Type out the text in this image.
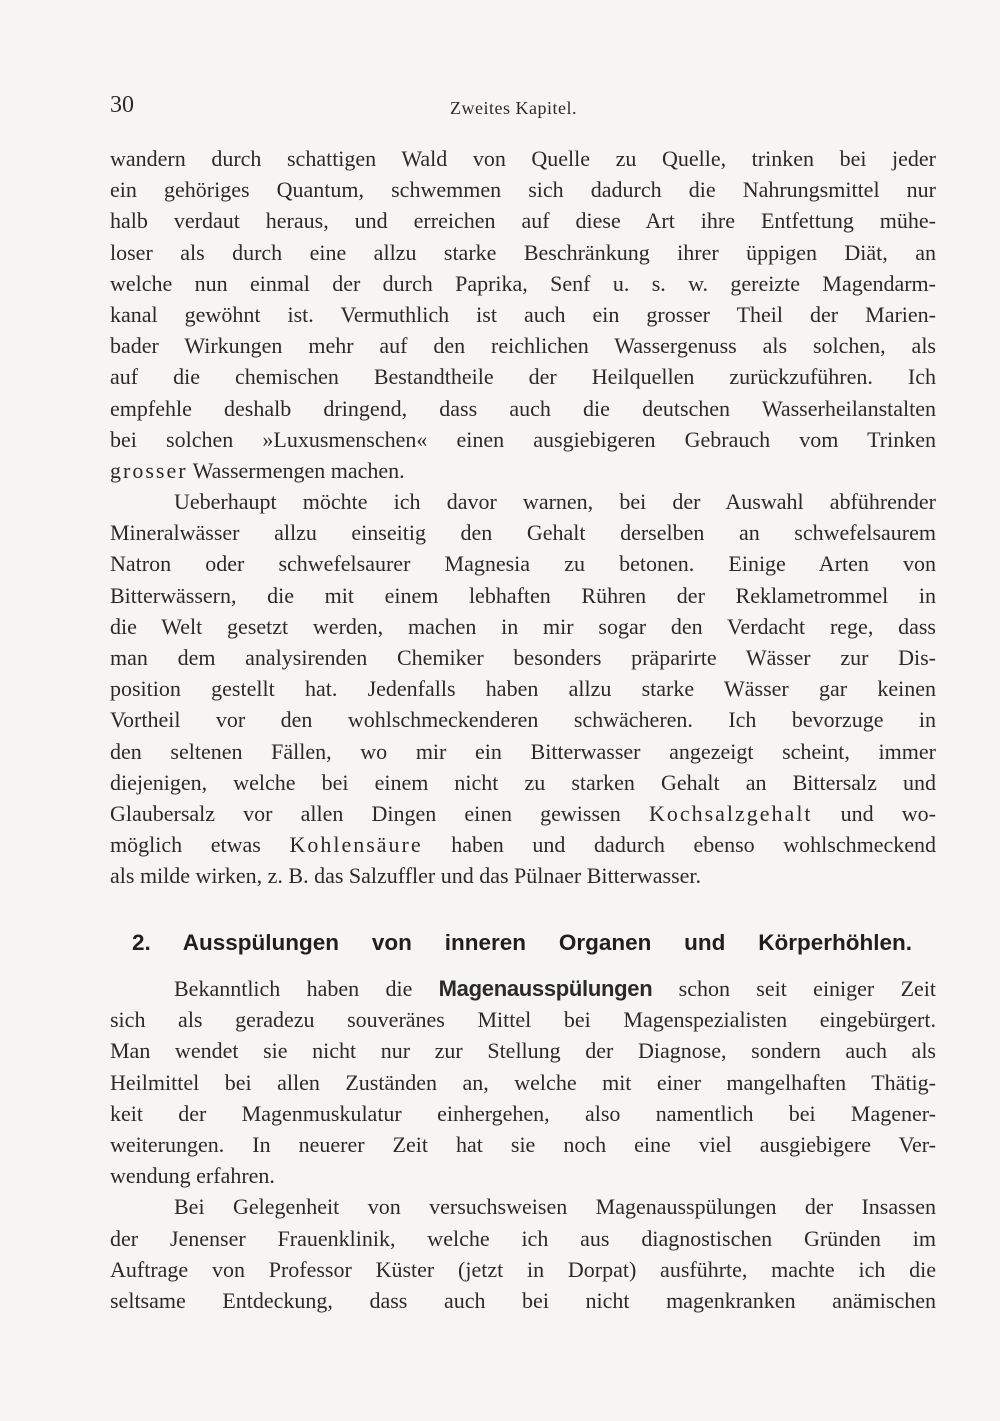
30	Zweites Kapitel.
wandern durch schattigen Wald von Quelle zu Quelle, trinken bei jeder
ein gehöriges Quantum, schwemmen sich dadurch die Nahrungsmittel nur
halb verdaut heraus, und erreichen auf diese Art ihre Entfettung mühe-
loser als durch eine allzu starke Beschränkung ihrer üppigen Diät, an
welche nun einmal der durch Paprika, Senf u. s. w. gereizte Magendarm-
kanal gewöhnt ist. Vermuthlich ist auch ein grosser Theil der Marien-
bader Wirkungen mehr auf den reichlichen Wassergenuss als solchen, als
auf die chemischen Bestandtheile der Heilquellen zurückzuführen. Ich
empfehle deshalb dringend, dass auch die deutschen Wasserheilanstalten
bei solchen »Luxusmenschen« einen ausgiebigeren Gebrauch vom Trinken
grosser Wassermengen machen.
Ueberhaupt möchte ich davor warnen, bei der Auswahl abführender
Mineralwässer allzu einseitig den Gehalt derselben an schwefelsaurem
Natron oder schwefelsaurer Magnesia zu betonen. Einige Arten von
Bitterwässern, die mit einem lebhaften Rühren der Reklametrommel in
die Welt gesetzt werden, machen in mir sogar den Verdacht rege, dass
man dem analysirenden Chemiker besonders präparirte Wässer zur Dis-
position gestellt hat. Jedenfalls haben allzu starke Wässer gar keinen
Vortheil vor den wohlschmeckenderen schwächeren. Ich bevorzuge in
den seltenen Fällen, wo mir ein Bitterwasser angezeigt scheint, immer
diejenigen, welche bei einem nicht zu starken Gehalt an Bittersalz und
Glaubersalz vor allen Dingen einen gewissen Kochsalzgehalt und wo-
möglich etwas Kohlensäure haben und dadurch ebenso wohlschmeckend
als milde wirken, z. B. das Salzuffler und das Pülnaer Bitterwasser.
2. Ausspülungen von inneren Organen und Körperhöhlen.
Bekanntlich haben die Magenausspülungen schon seit einiger Zeit
sich als geradezu souveränes Mittel bei Magenspezialisten eingebürgert.
Man wendet sie nicht nur zur Stellung der Diagnose, sondern auch als
Heilmittel bei allen Zuständen an, welche mit einer mangelhaften Thätig-
keit der Magenmuskulatur einhergehen, also namentlich bei Magener-
weiterungen. In neuerer Zeit hat sie noch eine viel ausgiebigere Ver-
wendung erfahren.
Bei Gelegenheit von versuchsweisen Magenausspülungen der Insassen
der Jenenser Frauenklinik, welche ich aus diagnostischen Gründen im
Auftrage von Professor Küster (jetzt in Dorpat) ausführte, machte ich die
seltsame Entdeckung, dass auch bei nicht magenkranken anämischen
